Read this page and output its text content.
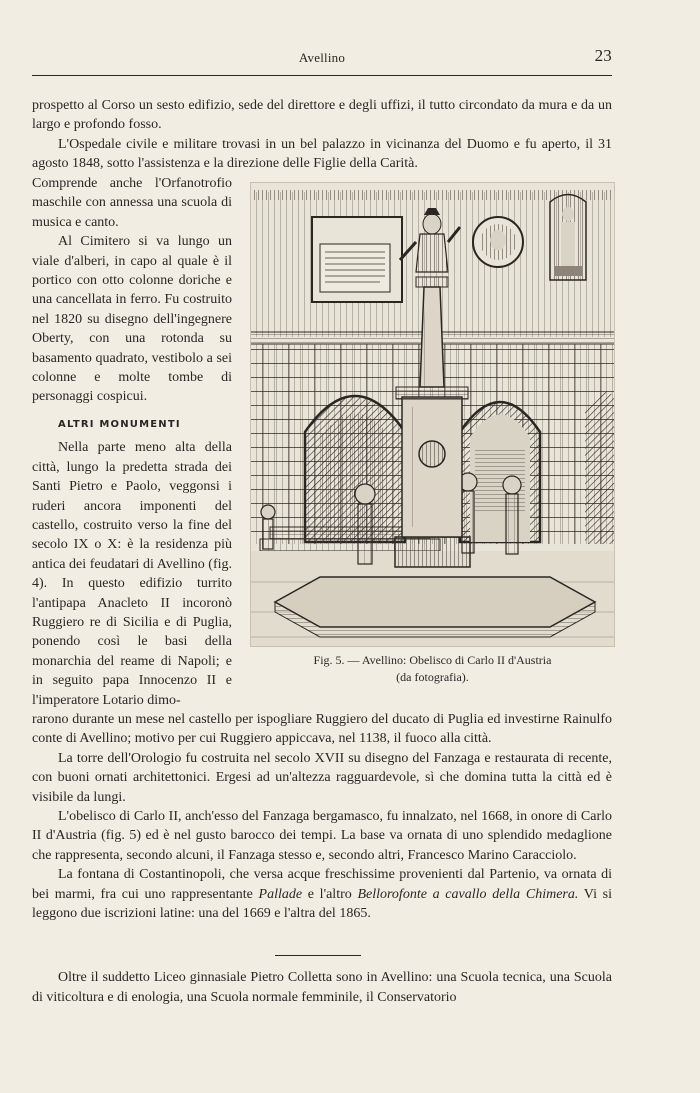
Avellino	23

prospetto al Corso un sesto edifizio, sede del direttore e degli uffizi, il tutto circondato da mura e da un largo e profondo fosso.

L'Ospedale civile e militare trovasi in un bel palazzo in vicinanza del Duomo e fu aperto, il 31 agosto 1848, sotto l'assistenza e la direzione delle Figlie della Carità.

Comprende anche l'Orfanotrofio maschile con annessa una scuola di musica e canto.

Al Cimitero si va lungo un viale d'alberi, in capo al quale è il portico con otto colonne doriche e una cancellata in ferro. Fu costruito nel 1820 su disegno dell'ingegnere Oberty, con una rotonda su basamento quadrato, vestibolo a sei colonne e molte tombe di personaggi cospicui.

ALTRI MONUMENTI

Nella parte meno alta della città, lungo la predetta strada dei Santi Pietro e Paolo, veggonsi i ruderi ancora imponenti del castello, costruito verso la fine del secolo IX o X: è la residenza più antica dei feudatari di Avellino (fig. 4). In questo edifizio turrito l'antipapa Anacleto II incoronò Ruggiero re di Sicilia e di Puglia, ponendo così le basi della monarchia del reame di Napoli; e in seguito papa Innocenzo II e l'imperatore Lotario dimo-

Fig. 5. — Avellino: Obelisco di Carlo II d'Austria
(da fotografia).

rarono durante un mese nel castello per ispogliare Ruggiero del ducato di Puglia ed investirne Rainulfo conte di Avellino; motivo per cui Ruggiero appiccava, nel 1138, il fuoco alla città.

La torre dell'Orologio fu costruita nel secolo XVII su disegno del Fanzaga e restaurata di recente, con buoni ornati architettonici. Ergesi ad un'altezza ragguardevole, sì che domina tutta la città ed è visibile da lungi.

L'obelisco di Carlo II, anch'esso del Fanzaga bergamasco, fu innalzato, nel 1668, in onore di Carlo II d'Austria (fig. 5) ed è nel gusto barocco dei tempi. La base va ornata di uno splendido medaglione che rappresenta, secondo alcuni, il Fanzaga stesso e, secondo altri, Francesco Marino Caracciolo.

La fontana di Costantinopoli, che versa acque freschissime provenienti dal Partenio, va ornata di bei marmi, fra cui uno rappresentante Pallade e l'altro Bellorofonte a cavallo della Chimera. Vi si leggono due iscrizioni latine: una del 1669 e l'altra del 1865.

Oltre il suddetto Liceo ginnasiale Pietro Colletta sono in Avellino: una Scuola tecnica, una Scuola di viticoltura e di enologia, una Scuola normale femminile, il Conservatorio
